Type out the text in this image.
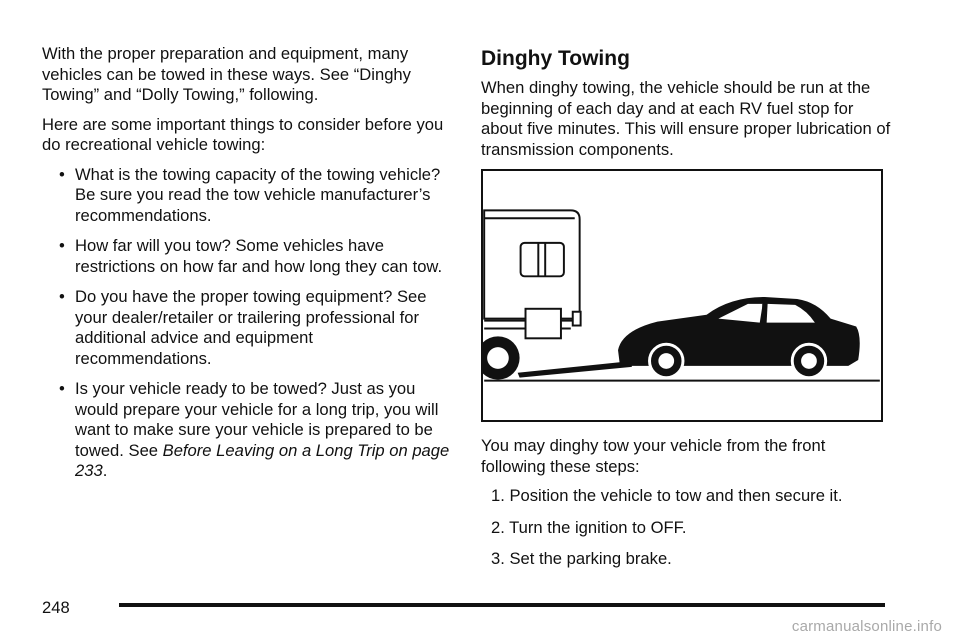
With the proper preparation and equipment, many vehicles can be towed in these ways. See “Dinghy Towing” and “Dolly Towing,” following.

Here are some important things to consider before you do recreational vehicle towing:

• What is the towing capacity of the towing vehicle? Be sure you read the tow vehicle manufacturer’s recommendations.
• How far will you tow? Some vehicles have restrictions on how far and how long they can tow.
• Do you have the proper towing equipment? See your dealer/retailer or trailering professional for additional advice and equipment recommendations.
• Is your vehicle ready to be towed? Just as you would prepare your vehicle for a long trip, you will want to make sure your vehicle is prepared to be towed. See Before Leaving on a Long Trip on page 233.
Dinghy Towing

When dinghy towing, the vehicle should be run at the beginning of each day and at each RV fuel stop for about five minutes. This will ensure proper lubrication of transmission components.

You may dinghy tow your vehicle from the front following these steps:

1. Position the vehicle to tow and then secure it.
2. Turn the ignition to OFF.
3. Set the parking brake.
248
carmanualsonline.info
